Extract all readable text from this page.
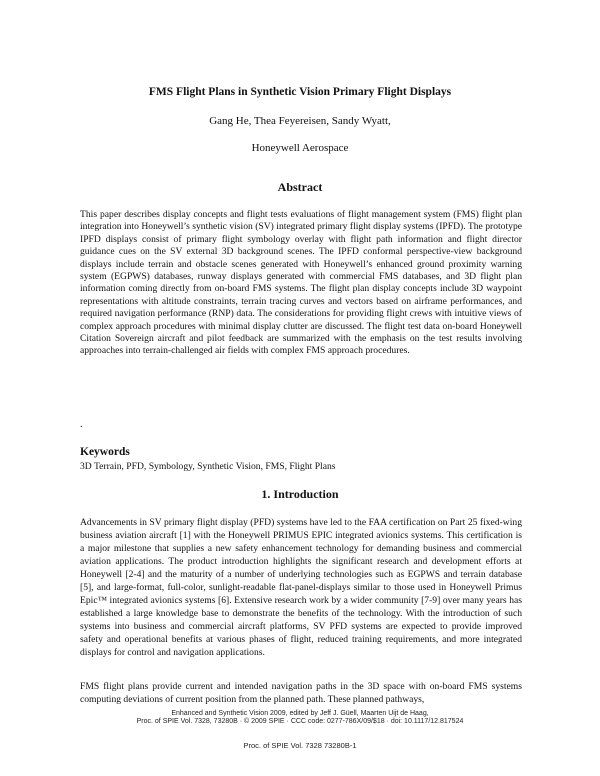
FMS Flight Plans in Synthetic Vision Primary Flight Displays
Gang He, Thea Feyereisen, Sandy Wyatt,
Honeywell Aerospace
Abstract

This paper describes display concepts and flight tests evaluations of flight management system (FMS) flight plan integration into Honeywell’s synthetic vision (SV) integrated primary flight display systems (IPFD). The prototype IPFD displays consist of primary flight symbology overlay with flight path information and flight director guidance cues on the SV external 3D background scenes. The IPFD conformal perspective-view background displays include terrain and obstacle scenes generated with Honeywell’s enhanced ground proximity warning system (EGPWS) databases, runway displays generated with commercial FMS databases, and 3D flight plan information coming directly from on-board FMS systems. The flight plan display concepts include 3D waypoint representations with altitude constraints, terrain tracing curves and vectors based on airframe performances, and required navigation performance (RNP) data. The considerations for providing flight crews with intuitive views of complex approach procedures with minimal display clutter are discussed. The flight test data on-board Honeywell Citation Sovereign aircraft and pilot feedback are summarized with the emphasis on the test results involving approaches into terrain-challenged air fields with complex FMS approach procedures.

.
Keywords
3D Terrain, PFD, Symbology, Synthetic Vision, FMS, Flight Plans
1. Introduction

Advancements in SV primary flight display (PFD) systems have led to the FAA certification on Part 25 fixed-wing business aviation aircraft [1] with the Honeywell PRIMUS EPIC integrated avionics systems. This certification is a major milestone that supplies a new safety enhancement technology for demanding business and commercial aviation applications. The product introduction highlights the significant research and development efforts at Honeywell [2-4] and the maturity of a number of underlying technologies such as EGPWS and terrain database [5], and large-format, full-color, sunlight-readable flat-panel-displays similar to those used in Honeywell Primus Epic™ integrated avionics systems [6]. Extensive research work by a wider community [7-9] over many years has established a large knowledge base to demonstrate the benefits of the technology. With the introduction of such systems into business and commercial aircraft platforms, SV PFD systems are expected to provide improved safety and operational benefits at various phases of flight, reduced training requirements, and more integrated displays for control and navigation applications.

FMS flight plans provide current and intended navigation paths in the 3D space with on-board FMS systems computing deviations of current position from the planned path. These planned pathways,

Enhanced and Synthetic Vision 2009, edited by Jeff J. Güell, Maarten Uijt de Haag,
Proc. of SPIE Vol. 7328, 73280B · © 2009 SPIE · CCC code: 0277-786X/09/$18 · doi: 10.1117/12.817524
Proc. of SPIE Vol. 7328 73280B-1
